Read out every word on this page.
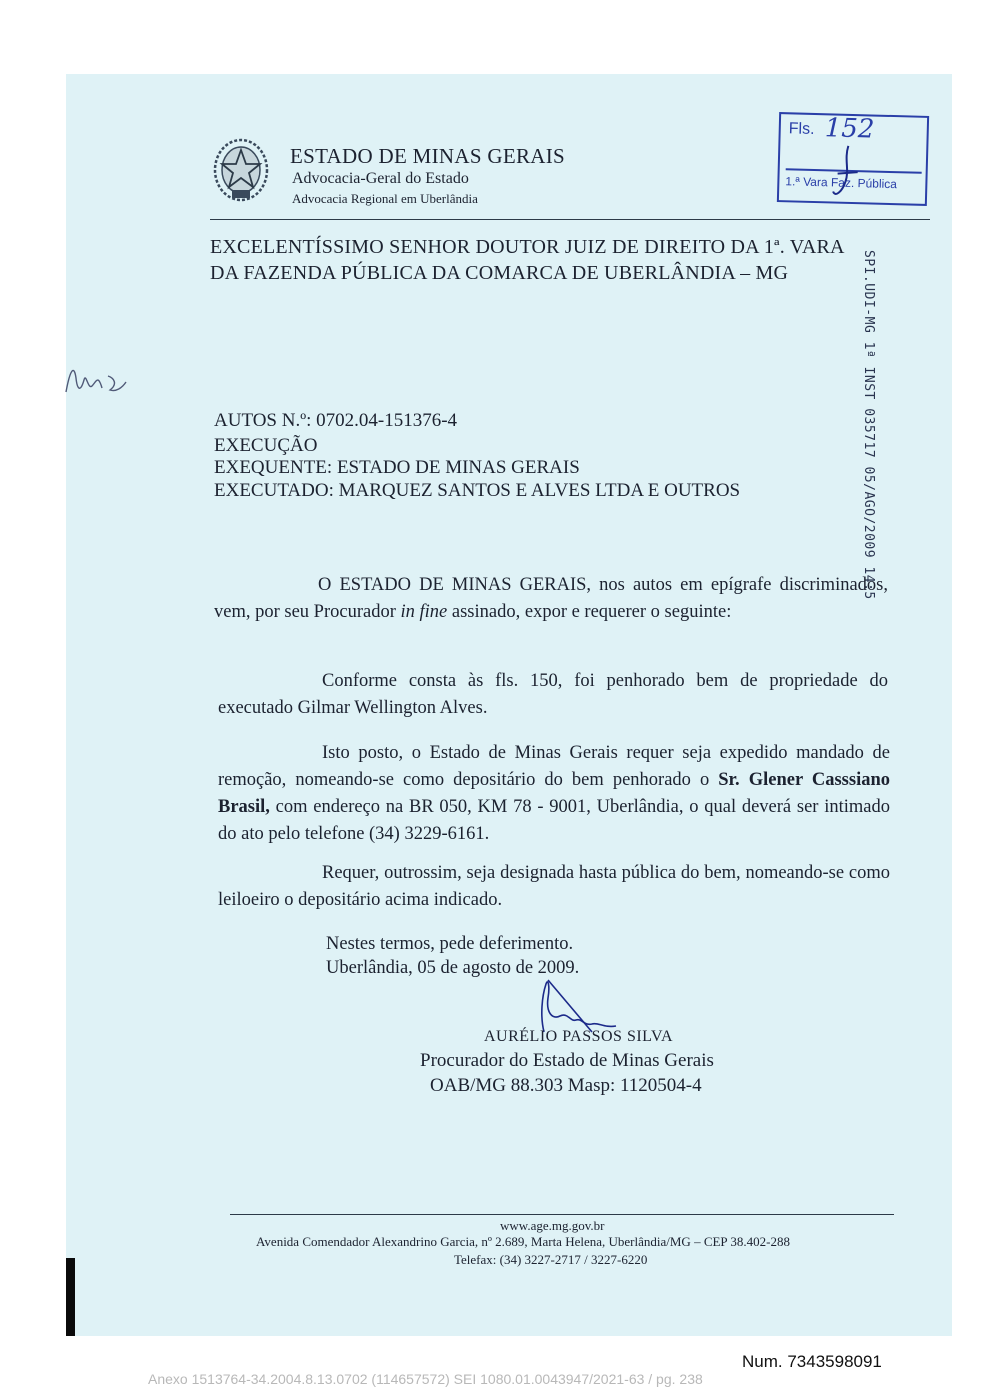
ESTADO DE MINAS GERAIS
Advocacia-Geral do Estado
Advocacia Regional em Uberlândia
Fls. 152
1.ª Vara Faz. Pública
SPI.UDI-MG 1ª INST 035717 05/AGO/2009 14:5
EXCELENTÍSSIMO SENHOR DOUTOR JUIZ DE DIREITO DA 1ª. VARA
DA FAZENDA PÚBLICA DA COMARCA DE UBERLÂNDIA – MG
AUTOS N.º: 0702.04-151376-4
EXECUÇÃO
EXEQUENTE: ESTADO DE MINAS GERAIS
EXECUTADO: MARQUEZ SANTOS E ALVES LTDA E OUTROS
O ESTADO DE MINAS GERAIS, nos autos em epígrafe discriminados, vem, por seu Procurador in fine assinado, expor e requerer o seguinte:
Conforme consta às fls. 150, foi penhorado bem de propriedade do executado Gilmar Wellington Alves.
Isto posto, o Estado de Minas Gerais requer seja expedido mandado de remoção, nomeando-se como depositário do bem penhorado o Sr. Glener Casssiano Brasil, com endereço na BR 050, KM 78 - 9001, Uberlândia, o qual deverá ser intimado do ato pelo telefone (34) 3229-6161.
Requer, outrossim, seja designada hasta pública do bem, nomeando-se como leiloeiro o depositário acima indicado.
Nestes termos, pede deferimento.
Uberlândia, 05 de agosto de 2009.
AURÉLIO PASSOS SILVA
Procurador do Estado de Minas Gerais
OAB/MG 88.303 Masp: 1120504-4
www.age.mg.gov.br
Avenida Comendador Alexandrino Garcia, nº 2.689, Marta Helena, Uberlândia/MG – CEP 38.402-288
Telefax: (34) 3227-2717 / 3227-6220
Num. 7343598091
Anexo 1513764-34.2004.8.13.0702 (114657572) SEI 1080.01.0043947/2021-63 / pg. 238
